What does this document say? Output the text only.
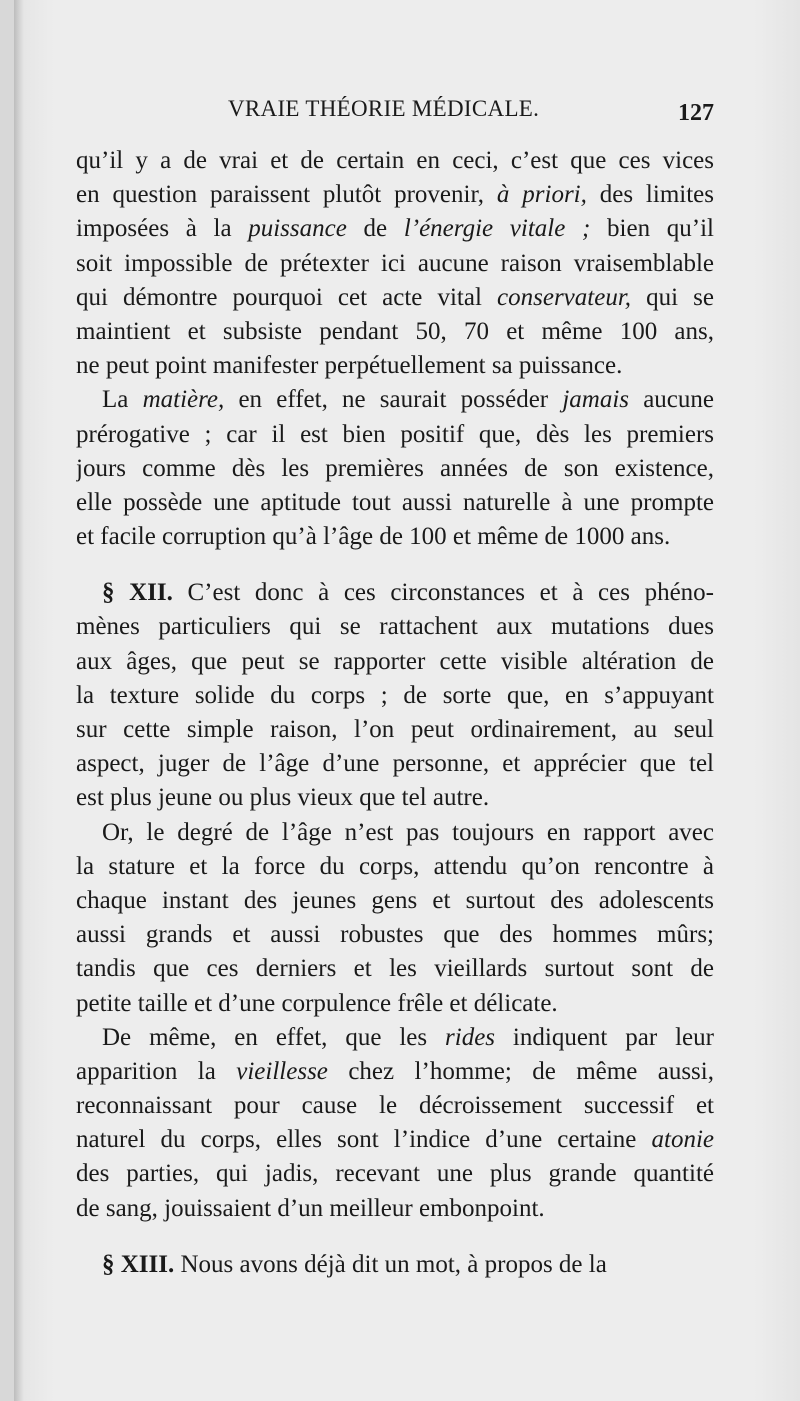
VRAIE THÉORIE MÉDICALE.	127

qu’il y a de vrai et de certain en ceci, c’est que ces vices
en question paraissent plutôt provenir, à priori, des limites
imposées à la puissance de l’énergie vitale ; bien qu’il
soit impossible de prétexter ici aucune raison vraisemblable
qui démontre pourquoi cet acte vital conservateur, qui se
maintient et subsiste pendant 50, 70 et même 100 ans,
ne peut point manifester perpétuellement sa puissance.

La matière, en effet, ne saurait posséder jamais aucune
prérogative ; car il est bien positif que, dès les premiers
jours comme dès les premières années de son existence,
elle possède une aptitude tout aussi naturelle à une prompte
et facile corruption qu’à l’âge de 100 et même de 1000 ans.

§ XII. C’est donc à ces circonstances et à ces phéno-
mènes particuliers qui se rattachent aux mutations dues
aux âges, que peut se rapporter cette visible altération de
la texture solide du corps ; de sorte que, en s’appuyant
sur cette simple raison, l’on peut ordinairement, au seul
aspect, juger de l’âge d’une personne, et apprécier que tel
est plus jeune ou plus vieux que tel autre.

Or, le degré de l’âge n’est pas toujours en rapport avec
la stature et la force du corps, attendu qu’on rencontre à
chaque instant des jeunes gens et surtout des adolescents
aussi grands et aussi robustes que des hommes mûrs;
tandis que ces derniers et les vieillards surtout sont de
petite taille et d’une corpulence frêle et délicate.

De même, en effet, que les rides indiquent par leur
apparition la vieillesse chez l’homme; de même aussi,
reconnaissant pour cause le décroissement successif et
naturel du corps, elles sont l’indice d’une certaine atonie
des parties, qui jadis, recevant une plus grande quantité
de sang, jouissaient d’un meilleur embonpoint.

§ XIII. Nous avons déjà dit un mot, à propos de la
